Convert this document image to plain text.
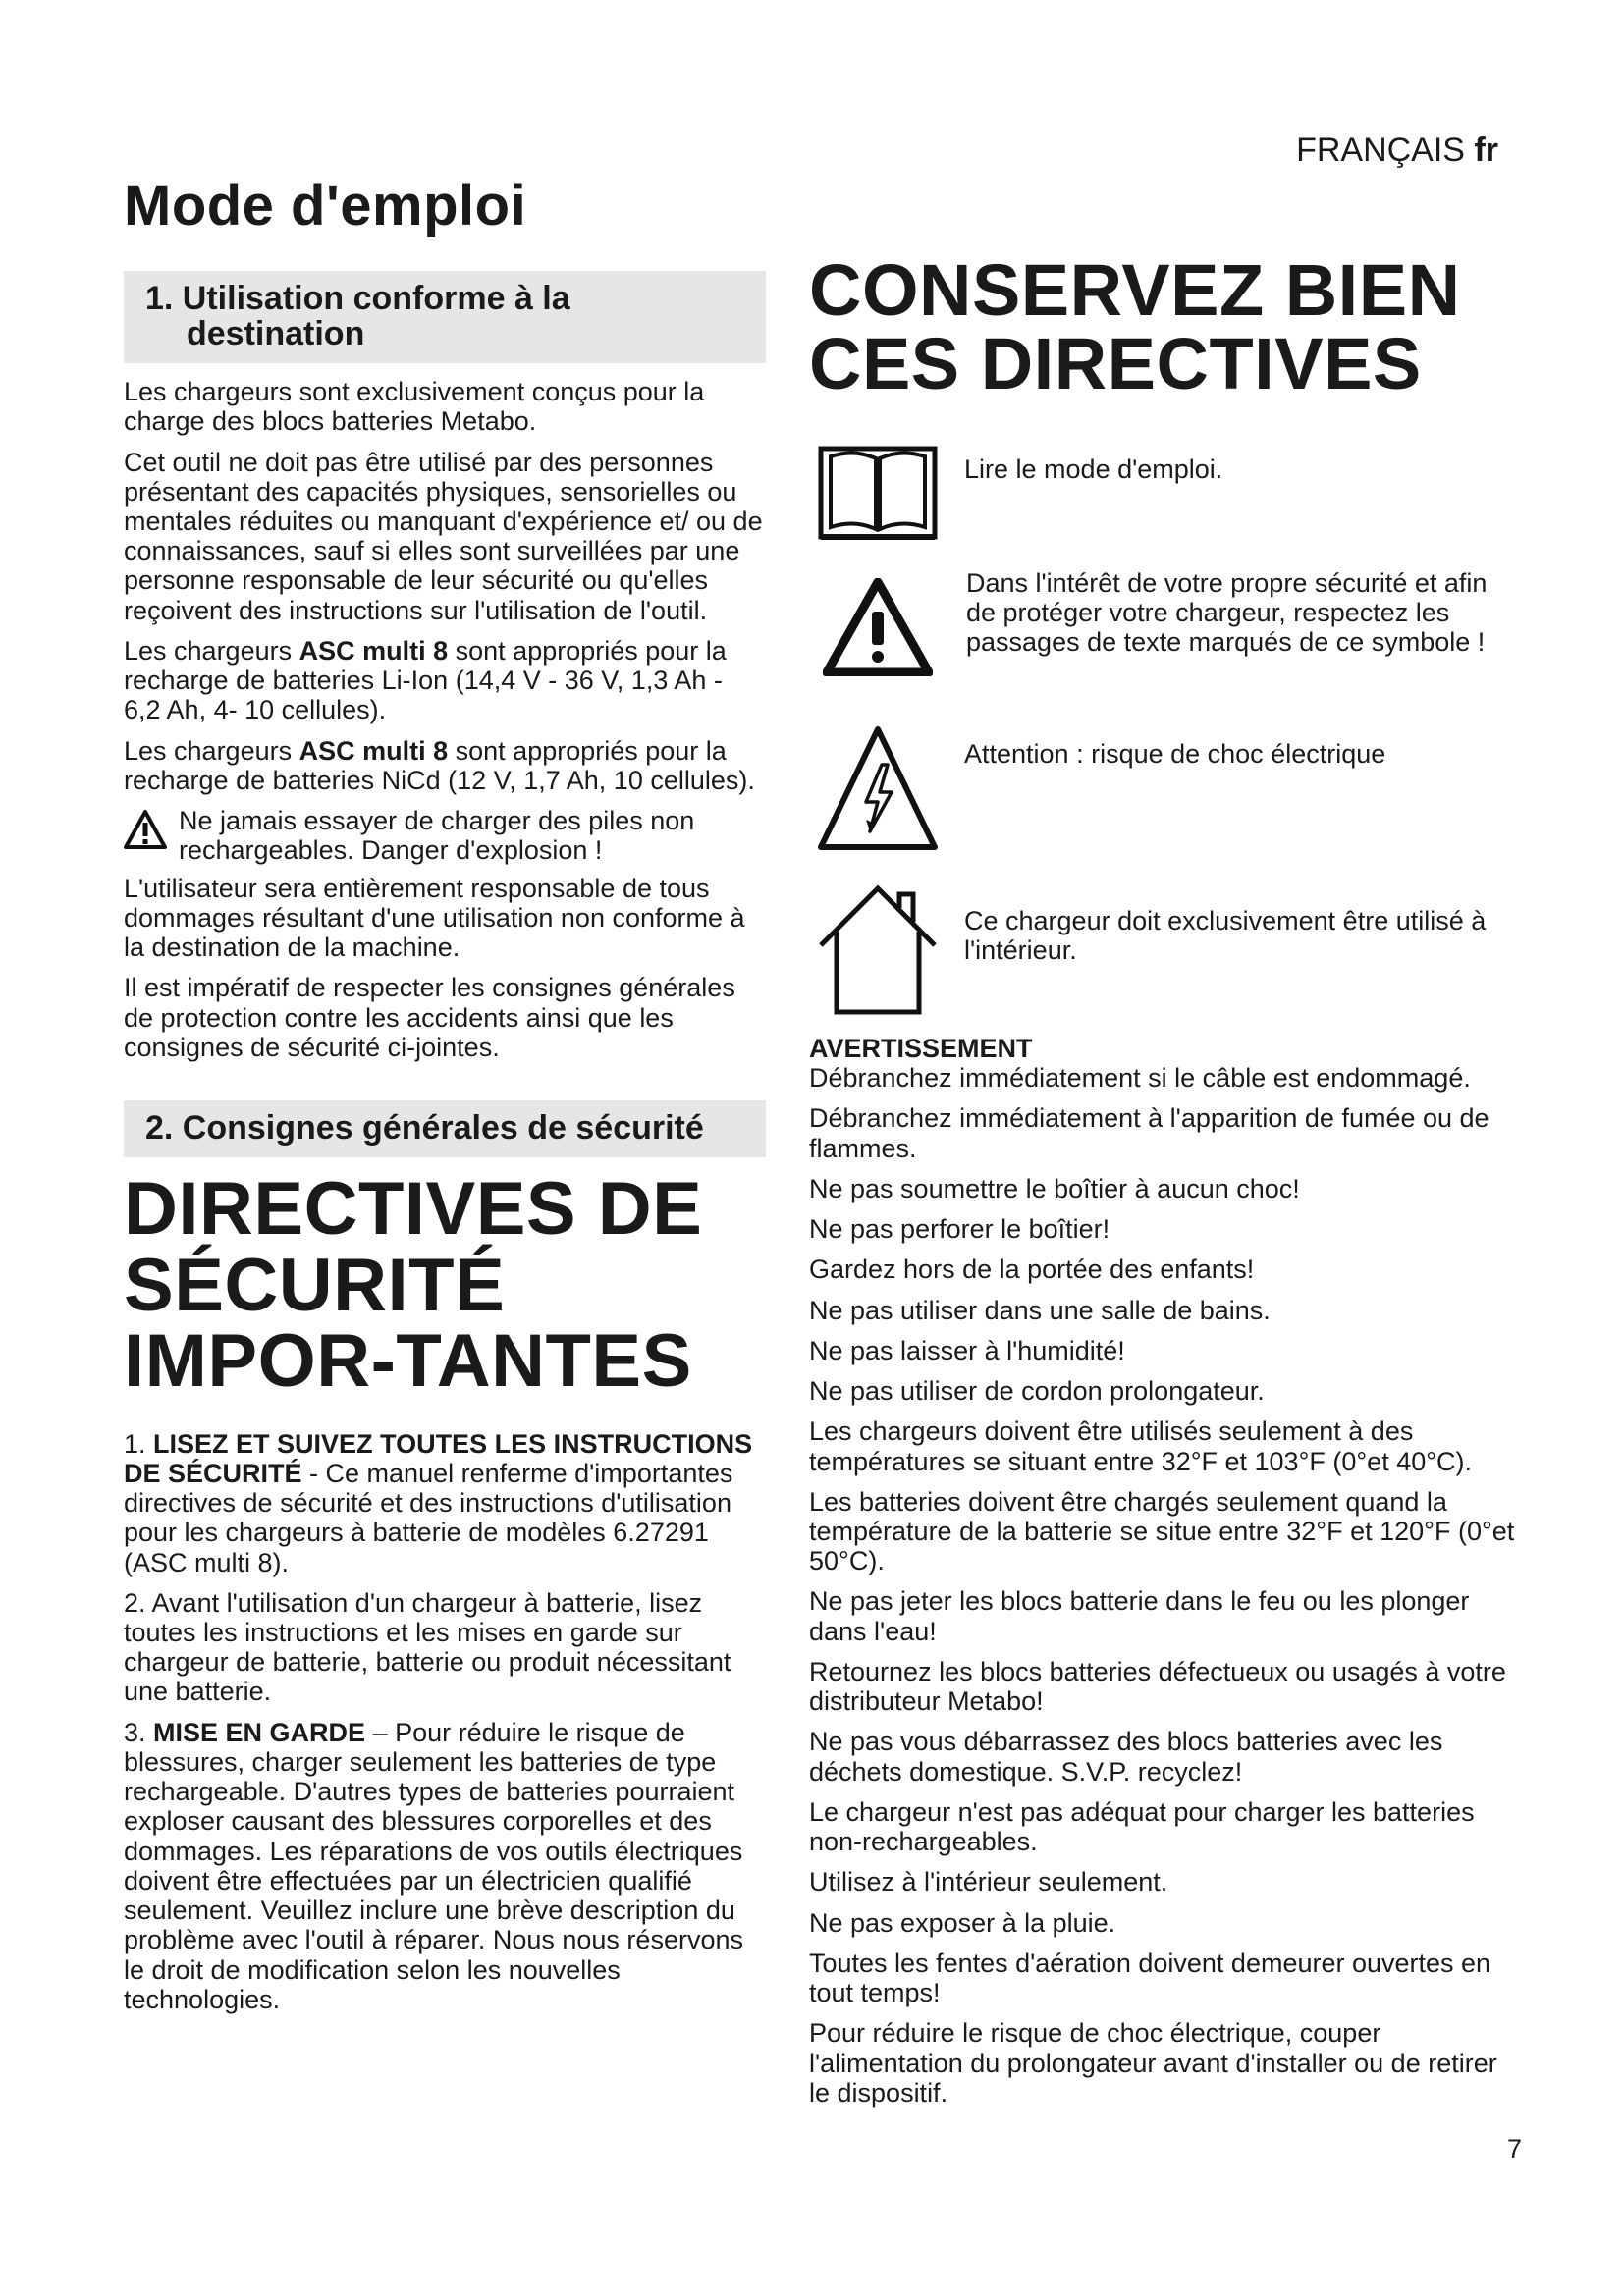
FRANÇAIS fr
Mode d'emploi
1. Utilisation conforme à la destination

Les chargeurs sont exclusivement conçus pour la charge des blocs batteries Metabo.

Cet outil ne doit pas être utilisé par des personnes présentant des capacités physiques, sensorielles ou mentales réduites ou manquant d'expérience et/ ou de connaissances, sauf si elles sont surveillées par une personne responsable de leur sécurité ou qu'elles reçoivent des instructions sur l'utilisation de l'outil.

Les chargeurs ASC multi 8 sont appropriés pour la recharge de batteries Li-Ion (14,4 V - 36 V, 1,3 Ah - 6,2 Ah, 4- 10 cellules).

Les chargeurs ASC multi 8 sont appropriés pour la recharge de batteries NiCd (12 V, 1,7 Ah, 10 cellules).

Ne jamais essayer de charger des piles non rechargeables. Danger d'explosion !

L'utilisateur sera entièrement responsable de tous dommages résultant d'une utilisation non conforme à la destination de la machine.

Il est impératif de respecter les consignes générales de protection contre les accidents ainsi que les consignes de sécurité ci-jointes.

2. Consignes générales de sécurité
DIRECTIVES DE SÉCURITÉ IMPOR-TANTES

1. LISEZ ET SUIVEZ TOUTES LES INSTRUCTIONS DE SÉCURITÉ - Ce manuel renferme d'importantes directives de sécurité et des instructions d'utilisation pour les chargeurs à batterie de modèles 6.27291 (ASC multi 8).

2. Avant l'utilisation d'un chargeur à batterie, lisez toutes les instructions et les mises en garde sur chargeur de batterie, batterie ou produit nécessitant une batterie.

3. MISE EN GARDE – Pour réduire le risque de blessures, charger seulement les batteries de type rechargeable. D'autres types de batteries pourraient exploser causant des blessures corporelles et des dommages. Les réparations de vos outils électriques doivent être effectuées par un électricien qualifié seulement. Veuillez inclure une brève description du problème avec l'outil à réparer. Nous nous réservons le droit de modification selon les nouvelles technologies.

CONSERVEZ BIEN CES DIRECTIVES
Lire le mode d'emploi.
Dans l'intérêt de votre propre sécurité et afin de protéger votre chargeur, respectez les passages de texte marqués de ce symbole !
Attention : risque de choc électrique
Ce chargeur doit exclusivement être utilisé à l'intérieur.

AVERTISSEMENT

Débranchez immédiatement si le câble est endommagé.

Débranchez immédiatement à l'apparition de fumée ou de flammes.

Ne pas soumettre le boîtier à aucun choc!

Ne pas perforer le boîtier!

Gardez hors de la portée des enfants!

Ne pas utiliser dans une salle de bains.

Ne pas laisser à l'humidité!

Ne pas utiliser de cordon prolongateur.

Les chargeurs doivent être utilisés seulement à des températures se situant entre 32°F et 103°F (0°et 40°C).

Les batteries doivent être chargés seulement quand la température de la batterie se situe entre 32°F et 120°F (0°et 50°C).

Ne pas jeter les blocs batterie dans le feu ou les plonger dans l'eau!

Retournez les blocs batteries défectueux ou usagés à votre distributeur Metabo!

Ne pas vous débarrassez des blocs batteries avec les déchets domestique. S.V.P. recyclez!

Le chargeur n'est pas adéquat pour charger les batteries non-rechargeables.

Utilisez à l'intérieur seulement.

Ne pas exposer à la pluie.

Toutes les fentes d'aération doivent demeurer ouvertes en tout temps!

Pour réduire le risque de choc électrique, couper l'alimentation du prolongateur avant d'installer ou de retirer le dispositif.

7
